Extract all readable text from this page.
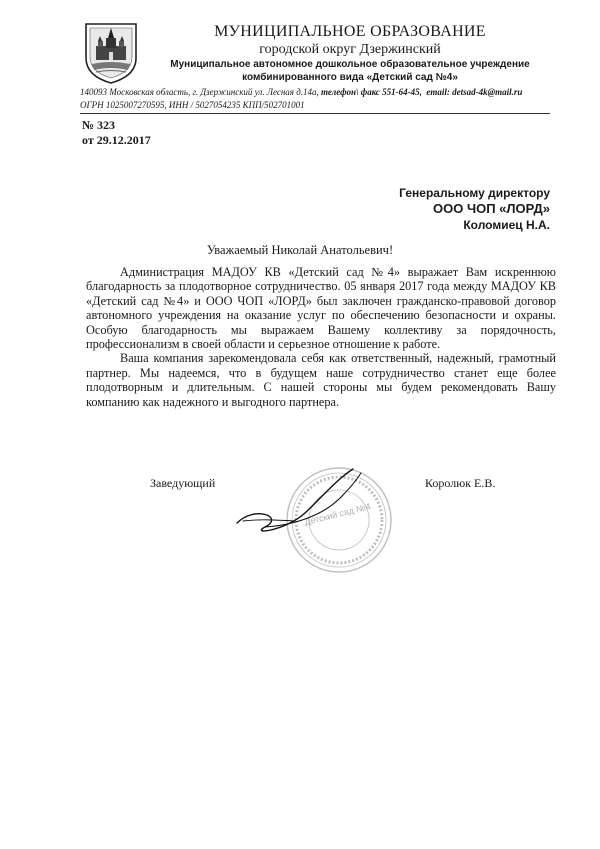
МУНИЦИПАЛЬНОЕ ОБРАЗОВАНИЕ
городской округ Дзержинский
Муниципальное автономное дошкольное образовательное учреждение
комбинированного вида «Детский сад №4»
140093 Московская область, г. Дзержинский ул. Лесная д.14а, телефон\ факс 551-64-45, email: detsad-4k@mail.ru
ОГРН 1025007270595, ИНН / 5027054235 КПП/502701001
№ 323
от 29.12.2017
Генеральному директору
ООО ЧОП «ЛОРД»
Коломиец Н.А.
Уважаемый Николай Анатольевич!

Администрация МАДОУ КВ «Детский сад №4» выражает Вам искреннюю благодарность за плодотворное сотрудничество. 05 января 2017 года между МАДОУ КВ «Детский сад №4» и ООО ЧОП «ЛОРД» был заключен гражданско-правовой договор автономного учреждения на оказание услуг по обеспечению безопасности и охраны. Особую благодарность мы выражаем Вашему коллективу за порядочность, профессионализм в своей области и серьезное отношение к работе.

Ваша компания зарекомендовала себя как ответственный, надежный, грамотный партнер. Мы надеемся, что в будущем наше сотрудничество станет еще более плодотворным и длительным. С нашей стороны мы будем рекомендовать Вашу компанию как надежного и выгодного партнера.

Детский сад №4
Заведующий	Королюк Е.В.
